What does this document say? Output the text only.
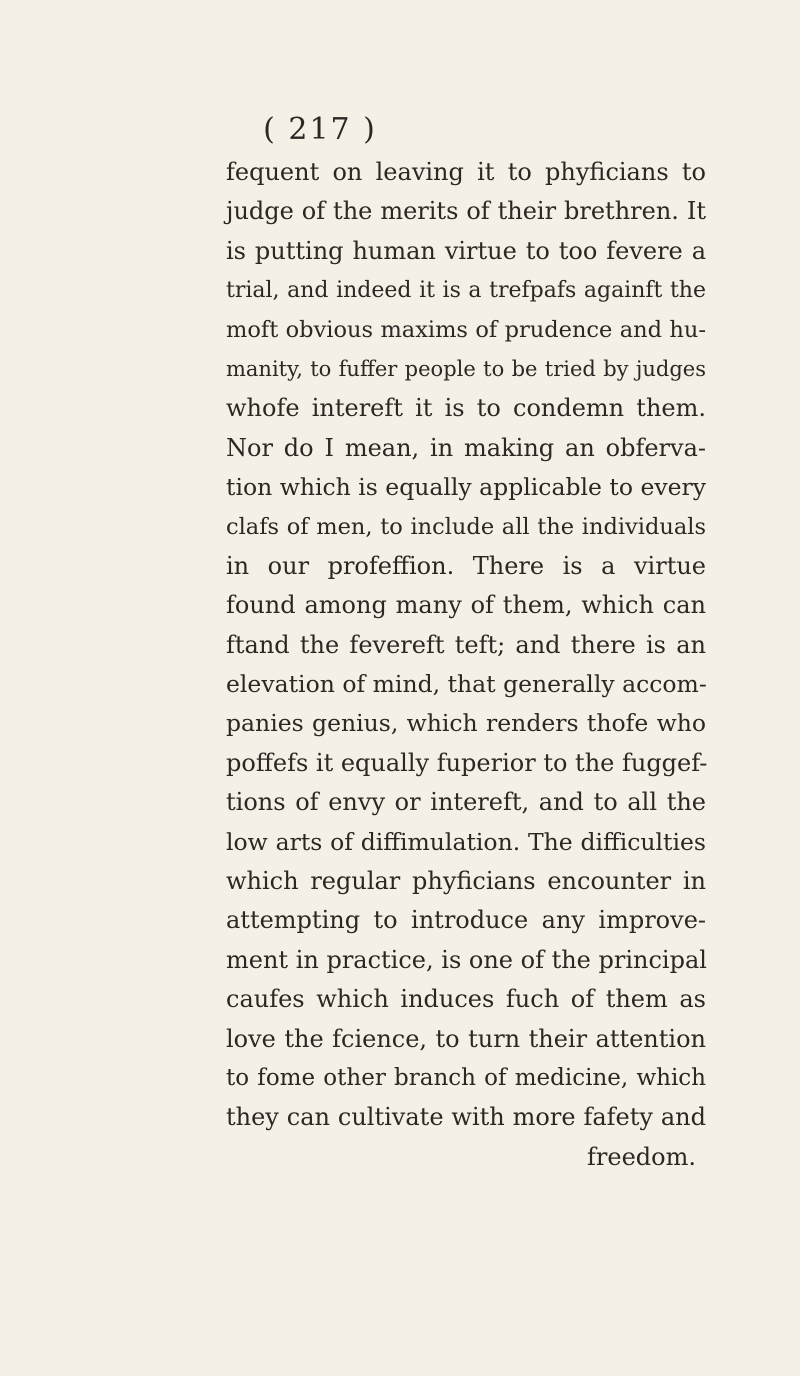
( 217 )
fequent on leaving it to phyficians to
judge of the merits of their brethren. It
is putting human virtue to too fevere a
trial, and indeed it is a trefpafs againft the
moft obvious maxims of prudence and hu-
manity, to fuffer people to be tried by judges
whofe intereft it is to condemn them.
Nor do I mean, in making an obferva-
tion which is equally applicable to every
clafs of men, to include all the individuals
in our profeffion. There is a virtue
found among many of them, which can
ftand the fevereft teft; and there is an
elevation of mind, that generally accom-
panies genius, which renders thofe who
poffefs it equally fuperior to the fuggef-
tions of envy or intereft, and to all the
low arts of diffimulation. The difficulties
which regular phyficians encounter in
attempting to introduce any improve-
ment in practice, is one of the principal
caufes which induces fuch of them as
love the fcience, to turn their attention
to fome other branch of medicine, which
they can cultivate with more fafety and
freedom.
